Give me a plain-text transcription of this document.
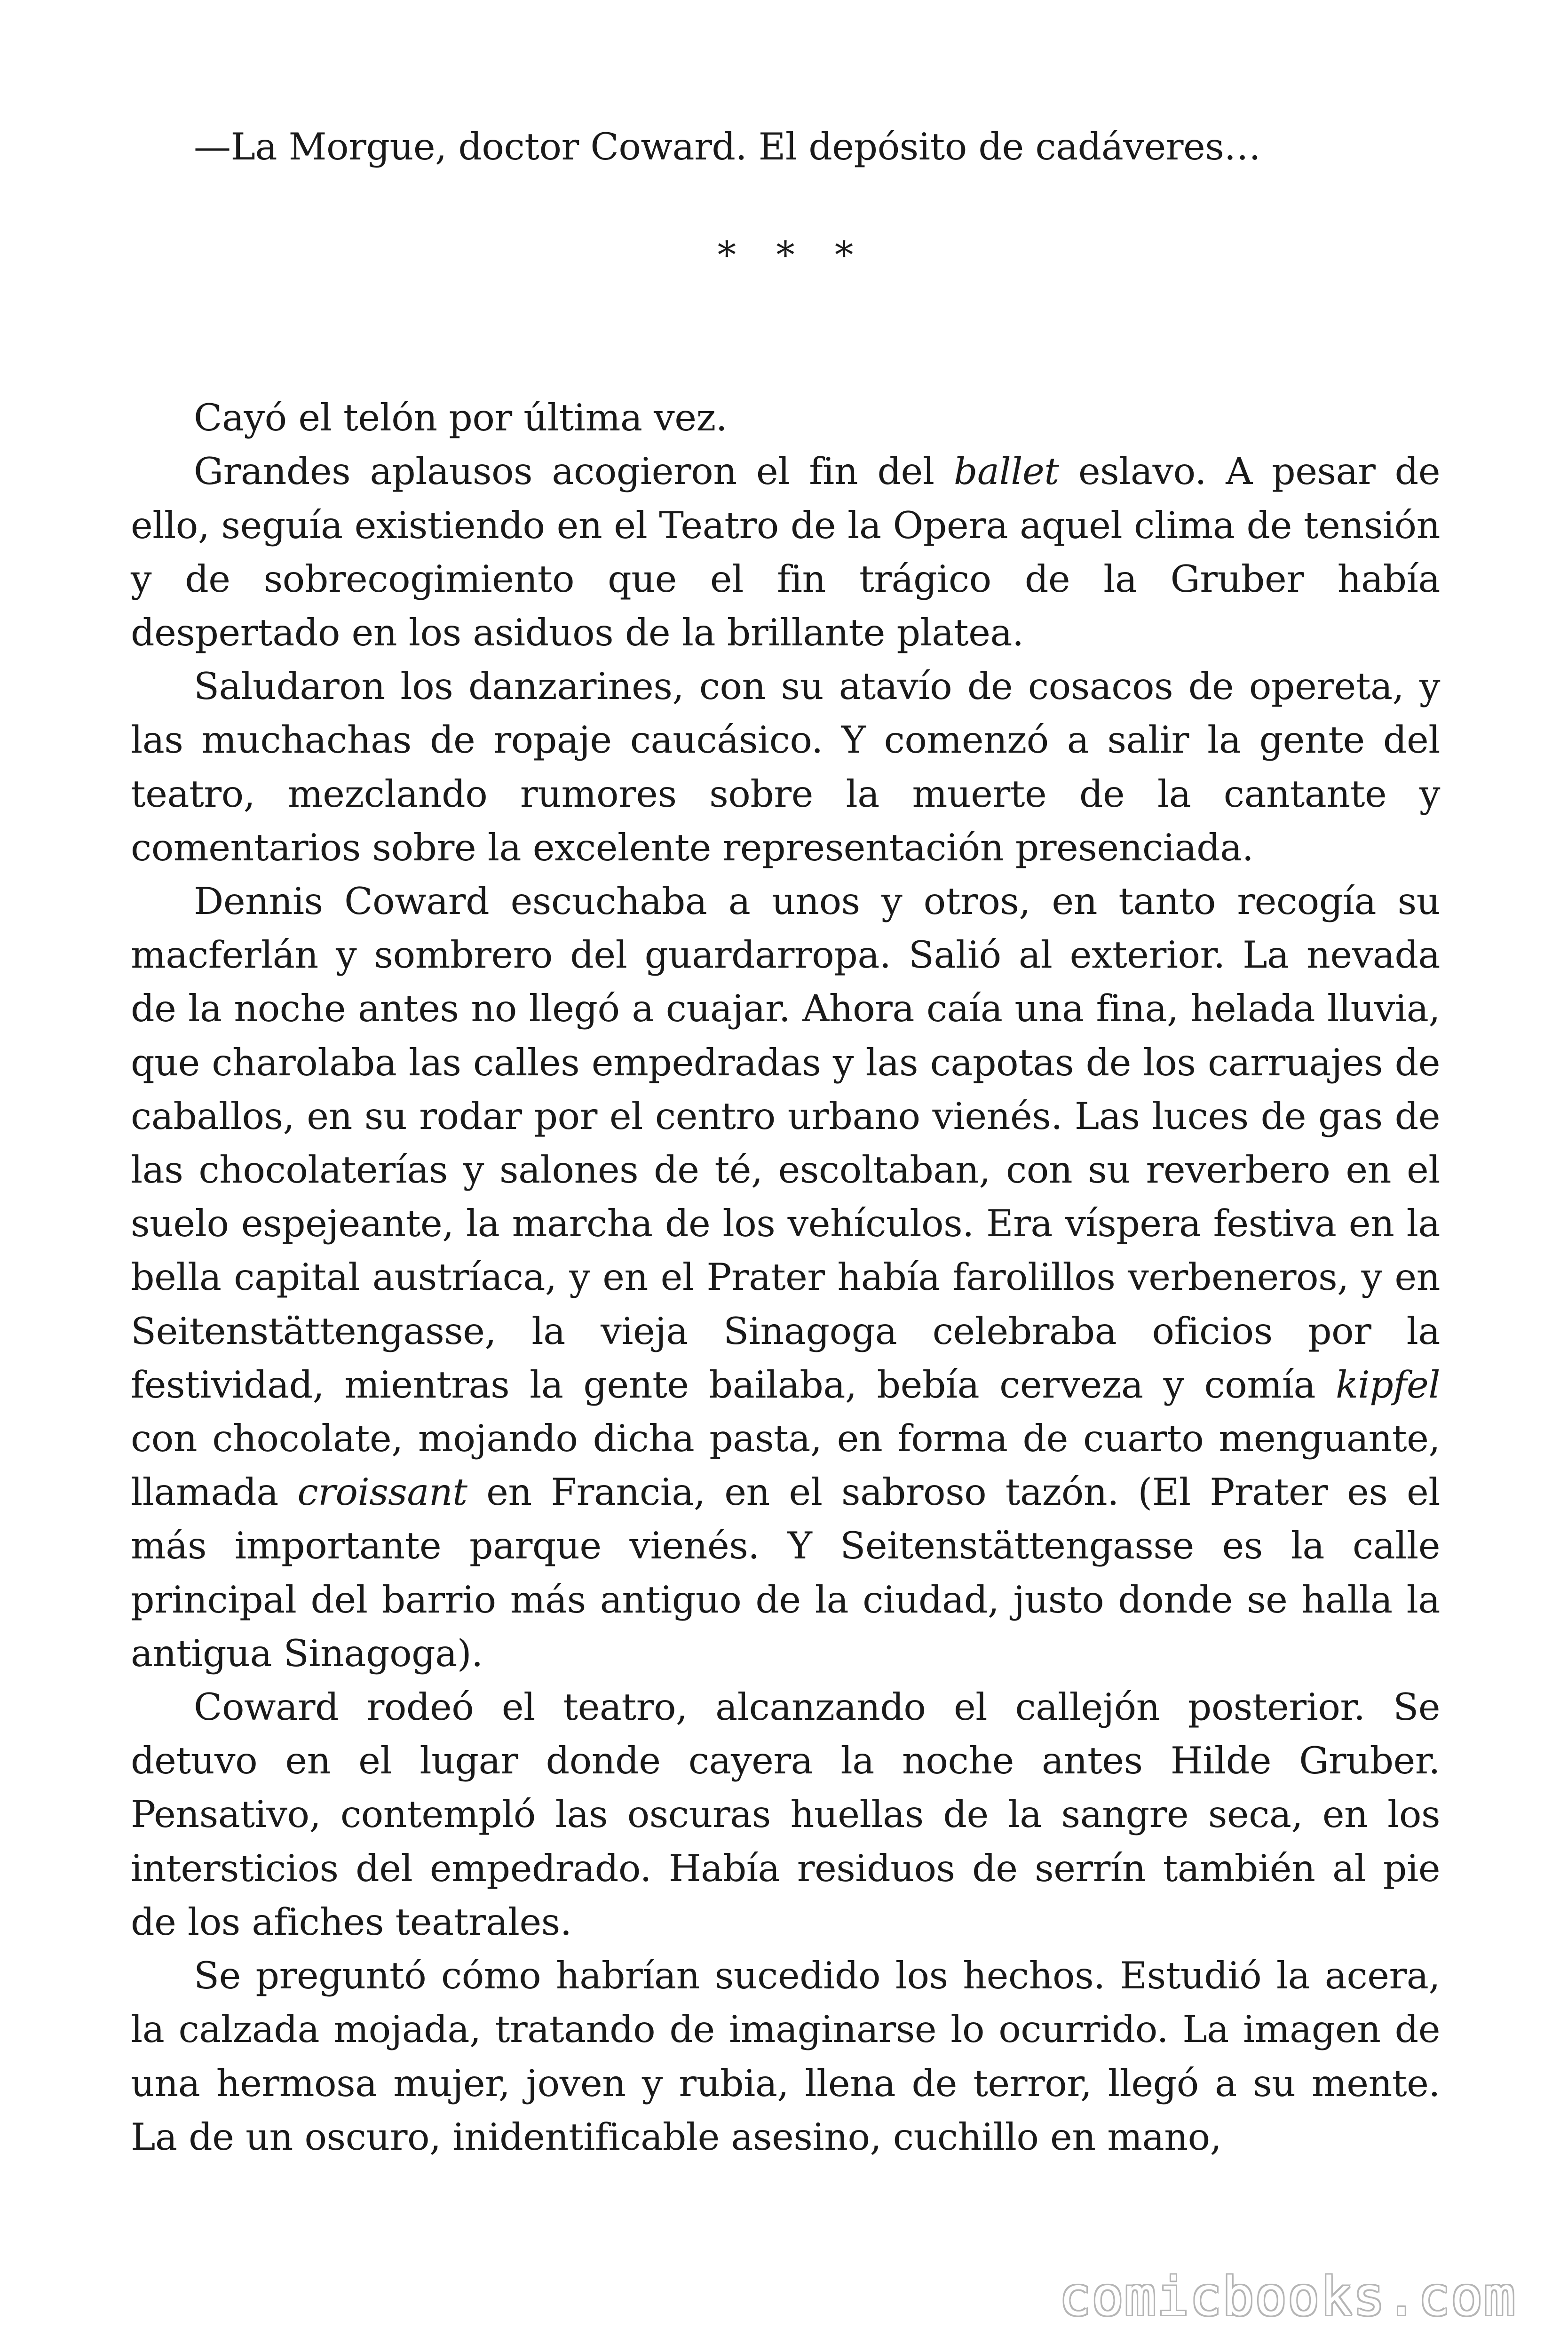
—La Morgue, doctor Coward. El depósito de cadáveres…

* * *

Cayó el telón por última vez.

Grandes aplausos acogieron el fin del ballet eslavo. A pesar de ello, seguía existiendo en el Teatro de la Opera aquel clima de tensión y de sobrecogimiento que el fin trágico de la Gruber había despertado en los asiduos de la brillante platea.

Saludaron los danzarines, con su atavío de cosacos de opereta, y las muchachas de ropaje caucásico. Y comenzó a salir la gente del teatro, mezclando rumores sobre la muerte de la cantante y comentarios sobre la excelente representación presenciada.

Dennis Coward escuchaba a unos y otros, en tanto recogía su macferlán y sombrero del guardarropa. Salió al exterior. La nevada de la noche antes no llegó a cuajar. Ahora caía una fina, helada lluvia, que charolaba las calles empedradas y las capotas de los carruajes de caballos, en su rodar por el centro urbano vienés. Las luces de gas de las chocolaterías y salones de té, escoltaban, con su reverbero en el suelo espejeante, la marcha de los vehículos. Era víspera festiva en la bella capital austríaca, y en el Prater había farolillos verbeneros, y en Seitenstättengasse, la vieja Sinagoga celebraba oficios por la festividad, mientras la gente bailaba, bebía cerveza y comía kipfel con chocolate, mojando dicha pasta, en forma de cuarto menguante, llamada croissant en Francia, en el sabroso tazón. (El Prater es el más importante parque vienés. Y Seitenstättengasse es la calle principal del barrio más antiguo de la ciudad, justo donde se halla la antigua Sinagoga).

Coward rodeó el teatro, alcanzando el callejón posterior. Se detuvo en el lugar donde cayera la noche antes Hilde Gruber. Pensativo, contempló las oscuras huellas de la sangre seca, en los intersticios del empedrado. Había residuos de serrín también al pie de los afiches teatrales.

Se preguntó cómo habrían sucedido los hechos. Estudió la acera, la calzada mojada, tratando de imaginarse lo ocurrido. La imagen de una hermosa mujer, joven y rubia, llena de terror, llegó a su mente. La de un oscuro, inidentificable asesino, cuchillo en mano,

comicbooks.com
